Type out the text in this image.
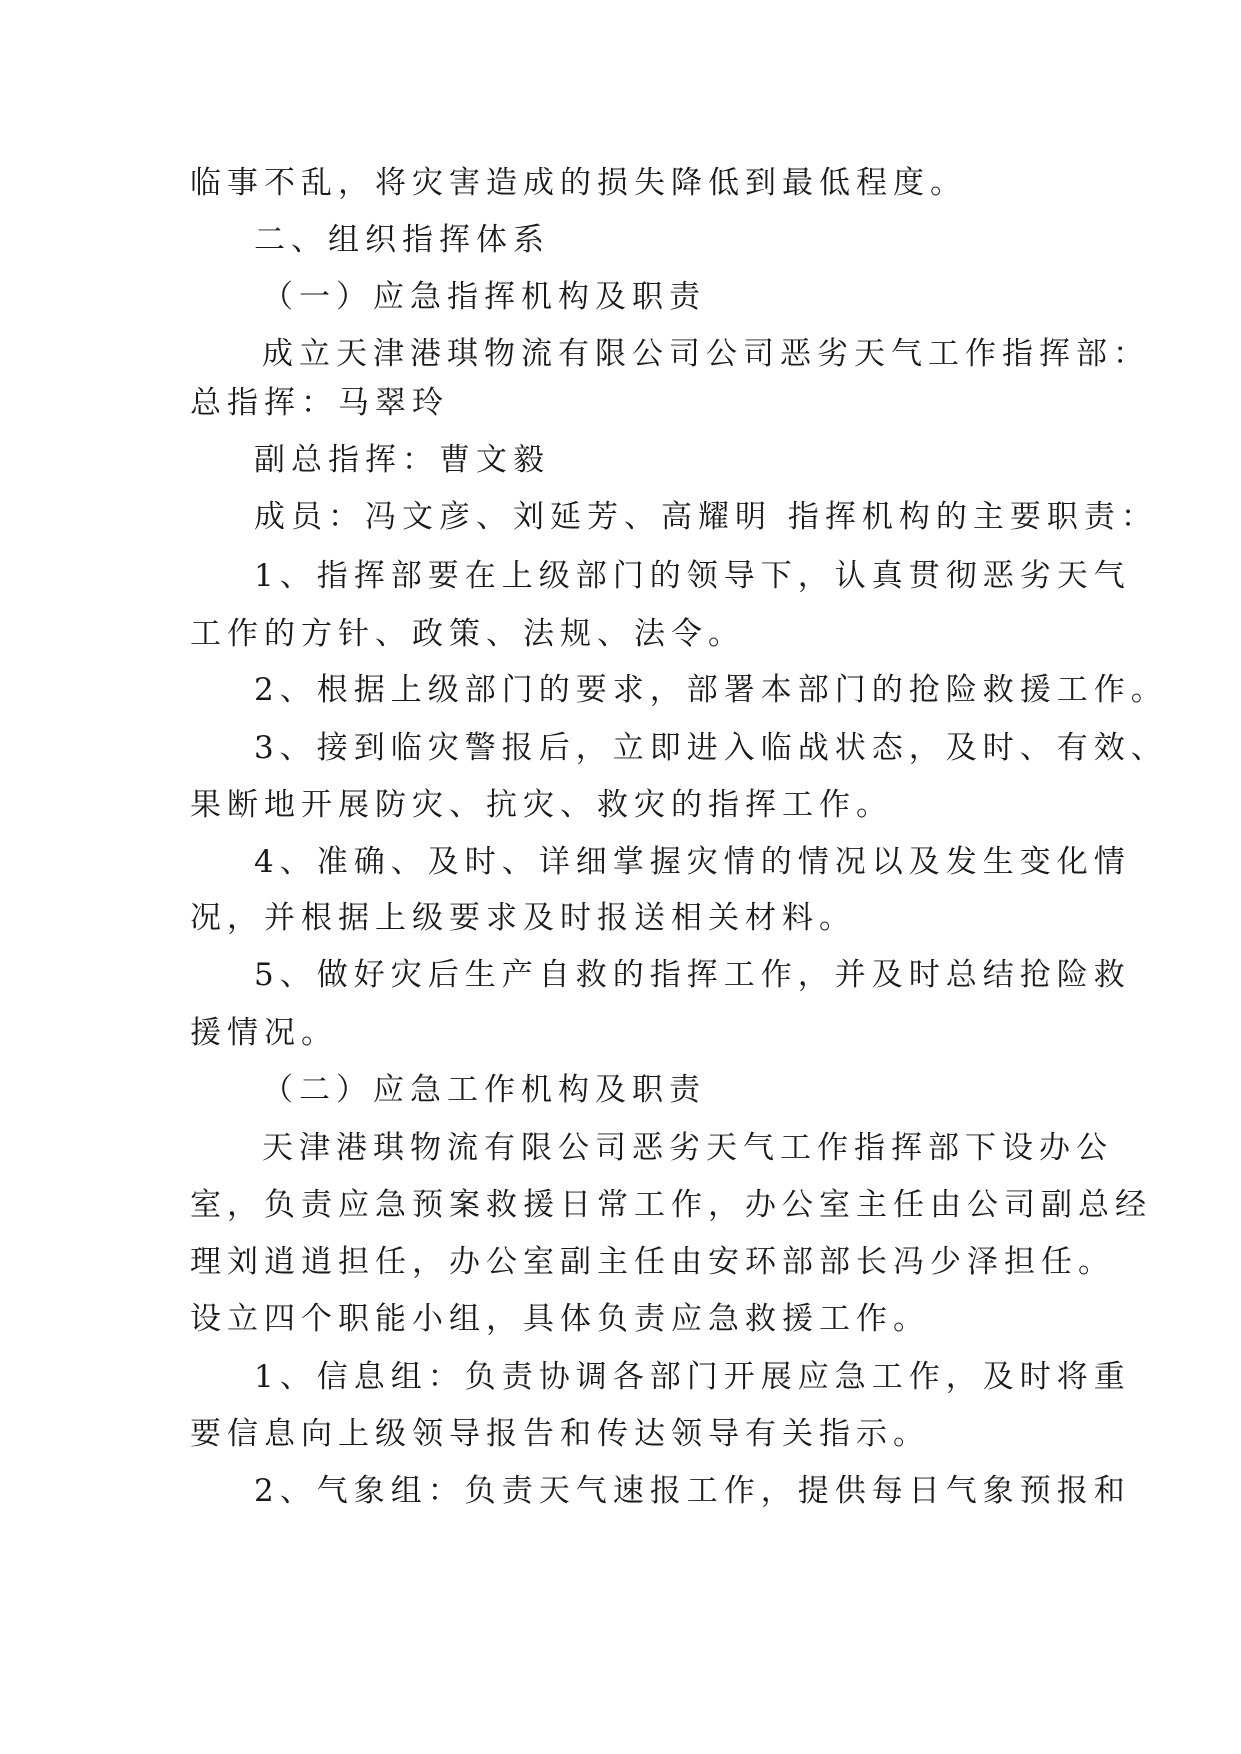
临事不乱，将灾害造成的损失降低到最低程度。

二、组织指挥体系

（一）应急指挥机构及职责

成立天津港琪物流有限公司公司恶劣天气工作指挥部：

总指挥：马翠玲

副总指挥：曹文毅

成员：冯文彦、刘延芳、高耀明 指挥机构的主要职责：

1、指挥部要在上级部门的领导下，认真贯彻恶劣天气

工作的方针、政策、法规、法令。

2、根据上级部门的要求，部署本部门的抢险救援工作。

3、接到临灾警报后，立即进入临战状态，及时、有效、

果断地开展防灾、抗灾、救灾的指挥工作。

4、准确、及时、详细掌握灾情的情况以及发生变化情

况，并根据上级要求及时报送相关材料。

5、做好灾后生产自救的指挥工作，并及时总结抢险救

援情况。

（二）应急工作机构及职责

天津港琪物流有限公司恶劣天气工作指挥部下设办公

室，负责应急预案救援日常工作，办公室主任由公司副总经

理刘逍逍担任，办公室副主任由安环部部长冯少泽担任。

设立四个职能小组，具体负责应急救援工作。

1、信息组：负责协调各部门开展应急工作，及时将重

要信息向上级领导报告和传达领导有关指示。

2、气象组：负责天气速报工作，提供每日气象预报和
